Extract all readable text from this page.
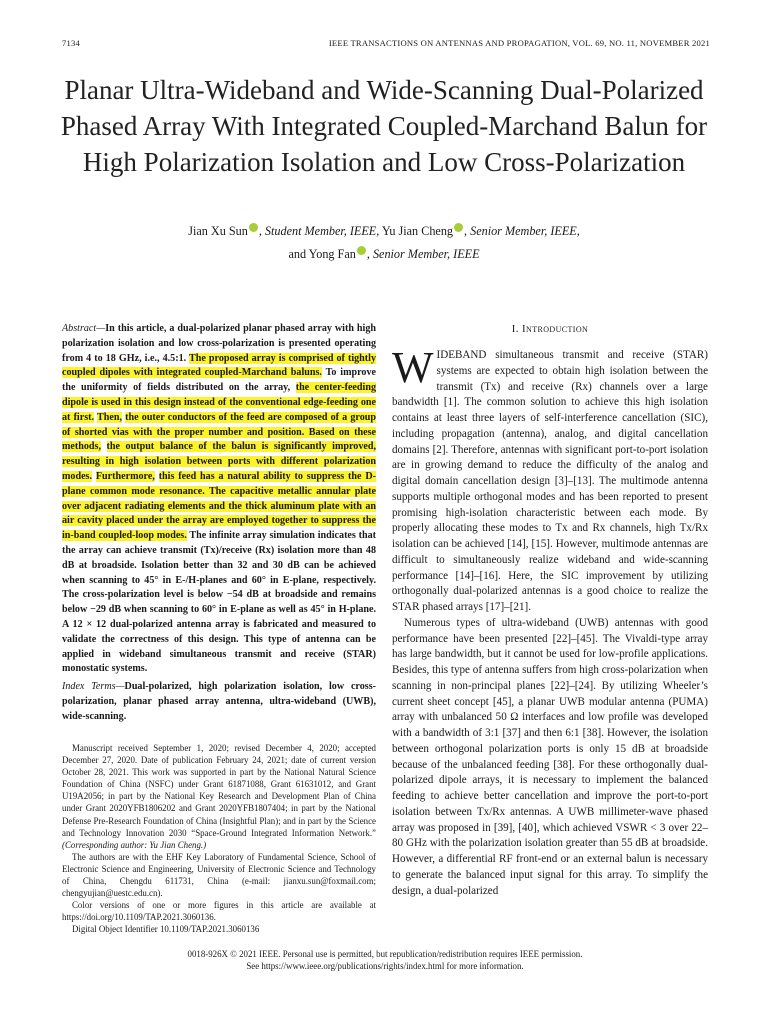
7134	IEEE TRANSACTIONS ON ANTENNAS AND PROPAGATION, VOL. 69, NO. 11, NOVEMBER 2021
Planar Ultra-Wideband and Wide-Scanning Dual-Polarized Phased Array With Integrated Coupled-Marchand Balun for High Polarization Isolation and Low Cross-Polarization
Jian Xu Sun , Student Member, IEEE, Yu Jian Cheng , Senior Member, IEEE,
and Yong Fan , Senior Member, IEEE
Abstract—In this article, a dual-polarized planar phased array with high polarization isolation and low cross-polarization is presented operating from 4 to 18 GHz, i.e., 4.5:1. The proposed array is comprised of tightly coupled dipoles with integrated coupled-Marchand baluns. To improve the uniformity of fields distributed on the array, the center-feeding dipole is used in this design instead of the conventional edge-feeding one at first. Then, the outer conductors of the feed are composed of a group of shorted vias with the proper number and position. Based on these methods, the output balance of the balun is significantly improved, resulting in high isolation between ports with different polarization modes. Furthermore, this feed has a natural ability to suppress the D-plane common mode resonance. The capacitive metallic annular plate over adjacent radiating elements and the thick aluminum plate with an air cavity placed under the array are employed together to suppress the in-band coupled-loop modes. The infinite array simulation indicates that the array can achieve transmit (Tx)/receive (Rx) isolation more than 48 dB at broadside. Isolation better than 32 and 30 dB can be achieved when scanning to 45° in E-/H-planes and 60° in E-plane, respectively. The cross-polarization level is below −54 dB at broadside and remains below −29 dB when scanning to 60° in E-plane as well as 45° in H-plane. A 12 × 12 dual-polarized antenna array is fabricated and measured to validate the correctness of this design. This type of antenna can be applied in wideband simultaneous transmit and receive (STAR) monostatic systems.
Index Terms—Dual-polarized, high polarization isolation, low cross-polarization, planar phased array antenna, ultra-wideband (UWB), wide-scanning.

Manuscript received September 1, 2020; revised December 4, 2020; accepted December 27, 2020. Date of publication February 24, 2021; date of current version October 28, 2021. This work was supported in part by the National Natural Science Foundation of China (NSFC) under Grant 61871088, Grant 61631012, and Grant U19A2056; in part by the National Key Research and Development Plan of China under Grant 2020YFB1806202 and Grant 2020YFB1807404; in part by the National Defense Pre-Research Foundation of China (Insightful Plan); and in part by the Science and Technology Innovation 2030 “Space-Ground Integrated Information Network.” (Corresponding author: Yu Jian Cheng.)

The authors are with the EHF Key Laboratory of Fundamental Science, School of Electronic Science and Engineering, University of Electronic Science and Technology of China, Chengdu 611731, China (e-mail: jianxu.sun@foxmail.com; chengyujian@uestc.edu.cn).

Color versions of one or more figures in this article are available at https://doi.org/10.1109/TAP.2021.3060136.

Digital Object Identifier 10.1109/TAP.2021.3060136

I. Introduction

WIDEBAND simultaneous transmit and receive (STAR) systems are expected to obtain high isolation between the transmit (Tx) and receive (Rx) channels over a large bandwidth [1]. The common solution to achieve this high isolation contains at least three layers of self-interference cancellation (SIC), including propagation (antenna), analog, and digital cancellation domains [2]. Therefore, antennas with significant port-to-port isolation are in growing demand to reduce the difficulty of the analog and digital domain cancellation design [3]–[13]. The multimode antenna supports multiple orthogonal modes and has been reported to present promising high-isolation characteristic between each mode. By properly allocating these modes to Tx and Rx channels, high Tx/Rx isolation can be achieved [14], [15]. However, multimode antennas are difficult to simultaneously realize wideband and wide-scanning performance [14]–[16]. Here, the SIC improvement by utilizing orthogonally dual-polarized antennas is a good choice to realize the STAR phased arrays [17]–[21].

Numerous types of ultra-wideband (UWB) antennas with good performance have been presented [22]–[45]. The Vivaldi-type array has large bandwidth, but it cannot be used for low-profile applications. Besides, this type of antenna suffers from high cross-polarization when scanning in non-principal planes [22]–[24]. By utilizing Wheeler’s current sheet concept [45], a planar UWB modular antenna (PUMA) array with unbalanced 50 Ω interfaces and low profile was developed with a bandwidth of 3:1 [37] and then 6:1 [38]. However, the isolation between orthogonal polarization ports is only 15 dB at broadside because of the unbalanced feeding [38]. For these orthogonally dual-polarized dipole arrays, it is necessary to implement the balanced feeding to achieve better cancellation and improve the port-to-port isolation between Tx/Rx antennas. A UWB millimeter-wave phased array was proposed in [39], [40], which achieved VSWR < 3 over 22–80 GHz with the polarization isolation greater than 55 dB at broadside. However, a differential RF front-end or an external balun is necessary to generate the balanced input signal for this array. To simplify the design, a dual-polarized

0018-926X © 2021 IEEE. Personal use is permitted, but republication/redistribution requires IEEE permission.
See https://www.ieee.org/publications/rights/index.html for more information.
